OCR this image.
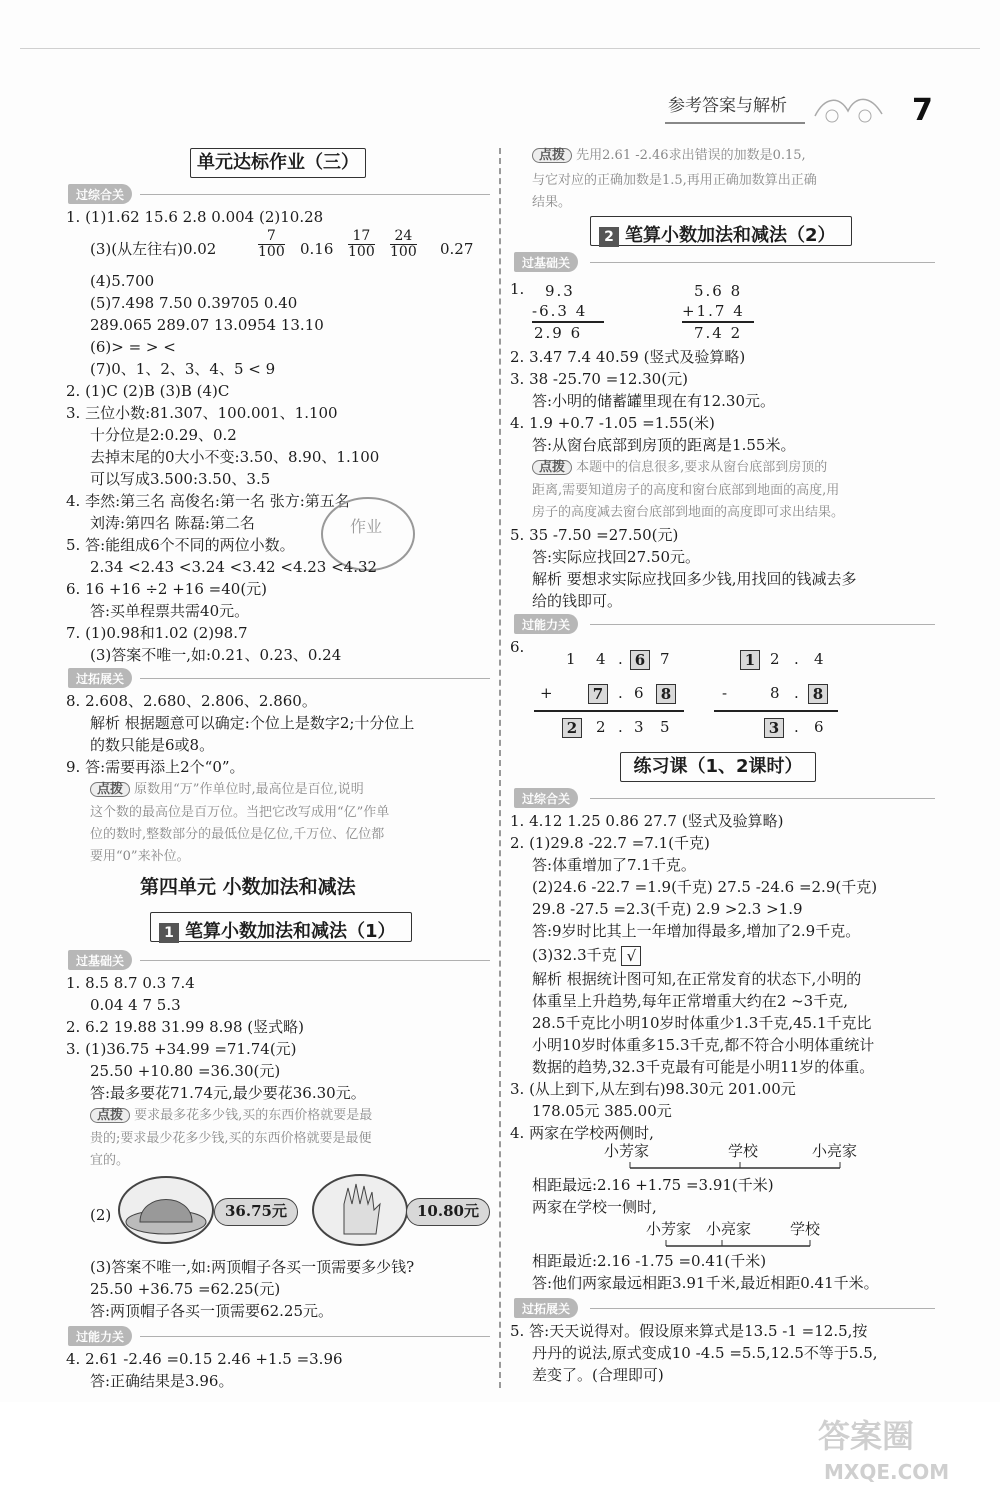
参考答案与解析	7
单元达标作业（三）
过综合关
1. (1)1.62 15.6 2.8 0.004 (2)10.28
(3)(从左往右)0.02	$\frac{7}{100} 0.16 \frac{17}{100} \frac{24}{100} 0.27$
(4)5.700
(5)7.498 7.50 0.39705 0.40
289.065 289.07 13.0954 13.10
(6)> = > <
(7)0、1、2、3、4、5 < 9
2. (1)C (2)B (3)B (4)C
3. 三位小数:81.307、100.001、1.100
十分位是2:0.29、0.2
去掉末尾的0大小不变:3.50、8.90、1.100
可以写成3.500:3.50、3.5
4. 李然:第三名 高俊名:第一名 张方:第五名
刘涛:第四名 陈磊:第二名	作业
5. 答:能组成6个不同的两位小数。
2.34 <2.43 <3.24 <3.42 <4.23 <4.32
6. 16 +16 ÷2 +16 =40(元)
答:买单程票共需40元。
7. (1)0.98和1.02 (2)98.7
(3)答案不唯一,如:0.21、0.23、0.24
过拓展关
8. 2.608、2.680、2.806、2.860。
解析 根据题意可以确定:个位上是数字2;十分位上
的数只能是6或8。
9. 答:需要再添上2个“0”。
点拨 原数用“万”作单位时,最高位是百位,说明
这个数的最高位是百万位。当把它改写成用“亿”作单
位的数时,整数部分的最低位是亿位,千万位、亿位都
要用“0”来补位。
第四单元 小数加法和减法
1 笔算小数加法和减法（1）
过基础关
1. 8.5 8.7 0.3 7.4
0.04 4 7 5.3
2. 6.2 19.88 31.99 8.98 (竖式略)
3. (1)36.75 +34.99 =71.74(元)
25.50 +10.80 =36.30(元)
答:最多要花71.74元,最少要花36.30元。
点拨 要求最多花多少钱,买的东西价格就要是最
贵的;要求最少花多少钱,买的东西价格就要是最便
宜的。
(2)	36.75元	10.80元
(3)答案不唯一,如:两顶帽子各买一顶需要多少钱?
25.50 +36.75 =62.25(元)
答:两顶帽子各买一顶需要62.25元。
过能力关
4. 2.61 -2.46 =0.15 2.46 +1.5 =3.96
答:正确结果是3.96。
点拨 先用2.61 -2.46求出错误的加数是0.15,
与它对应的正确加数是1.5,再用正确加数算出正确
结果。
2 笔算小数加法和减法（2）
过基础关
1. 9.3
-6.3 4
2.9 6
5.6 8
+1.7 4
7.4 2
2. 3.47 7.4 40.59 (竖式及验算略)
3. 38 -25.70 =12.30(元)
答:小明的储蓄罐里现在有12.30元。
4. 1.9 +0.7 -1.05 =1.55(米)
答:从窗台底部到房顶的距离是1.55米。
点拨 本题中的信息很多,要求从窗台底部到房顶的
距离,需要知道房子的高度和窗台底部到地面的高度,用
房子的高度减去窗台底部到地面的高度即可求出结果。
5. 35 -7.50 =27.50(元)
答:实际应找回27.50元。
解析 要想求实际应找回多少钱,用找回的钱减去多
给的钱即可。
过能力关
6.
1 4 . 6 7
+	7 . 6	8
2	2 . 3 5
1 2 . 4
-	8 . 8
3 . 6
练习课（1、2课时）
过综合关
1. 4.12 1.25 0.86 27.7 (竖式及验算略)
2. (1)29.8 -22.7 =7.1(千克)
答:体重增加了7.1千克。
(2)24.6 -22.7 =1.9(千克) 27.5 -24.6 =2.9(千克)
29.8 -27.5 =2.3(千克) 2.9 >2.3 >1.9
答:9岁时比其上一年增加得最多,增加了2.9千克。
(3)32.3千克 √
解析 根据统计图可知,在正常发育的状态下,小明的
体重呈上升趋势,每年正常增重大约在2 ~3千克,
28.5千克比小明10岁时体重少1.3千克,45.1千克比
小明10岁时体重多15.3千克,都不符合小明体重统计
数据的趋势,32.3千克最有可能是小明11岁的体重。
3. (从上到下,从左到右)98.30元 201.00元
178.05元 385.00元
4. 两家在学校两侧时,
小芳家	学校	小亮家
相距最远:2.16 +1.75 =3.91(千米)
两家在学校一侧时,
小芳家 小亮家	学校
相距最近:2.16 -1.75 =0.41(千米)
答:他们两家最远相距3.91千米,最近相距0.41千米。
过拓展关
5. 答:天天说得对。假设原来算式是13.5 -1 =12.5,按
丹丹的说法,原式变成10 -4.5 =5.5,12.5不等于5.5,
差变了。(合理即可)
答案圈
MXQE.COM
